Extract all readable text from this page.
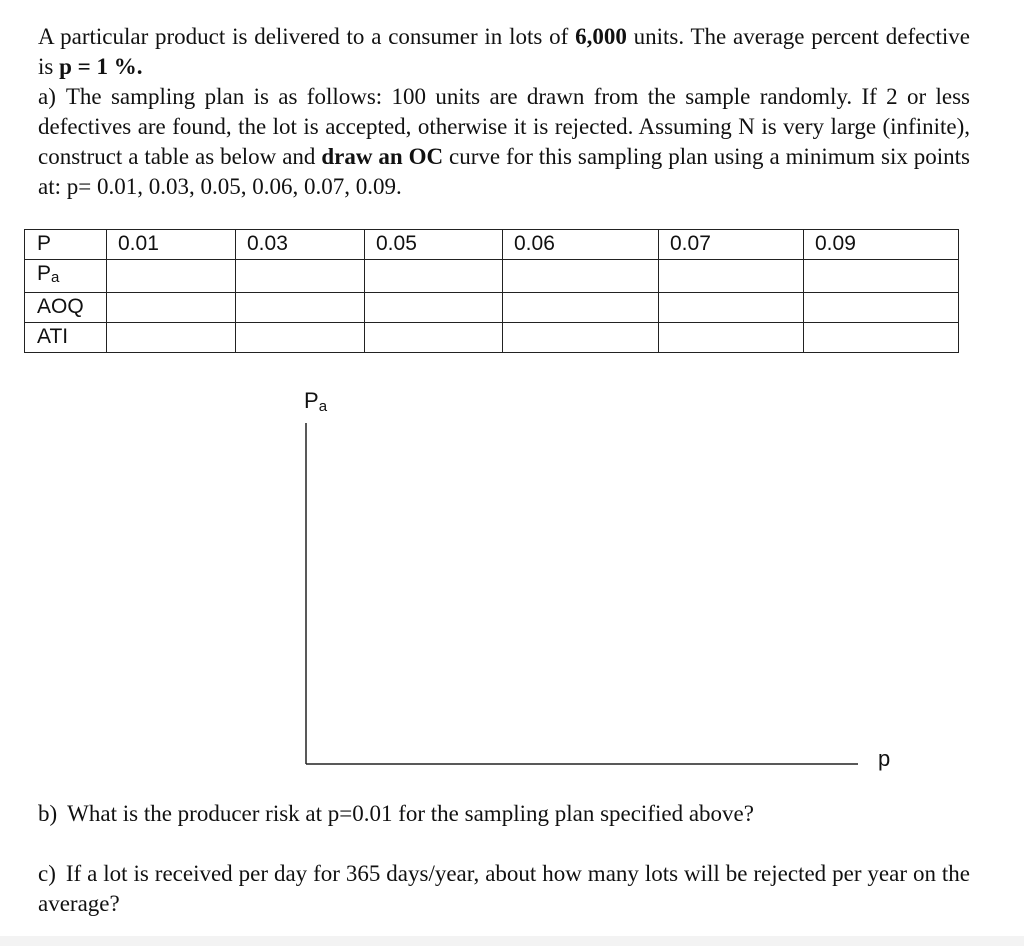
A particular product is delivered to a consumer in lots of 6,000 units. The average percent defective is p = 1 %.
a) The sampling plan is as follows: 100 units are drawn from the sample randomly. If 2 or less defectives are found, the lot is accepted, otherwise it is rejected. Assuming N is very large (infinite), construct a table as below and draw an OC curve for this sampling plan using a minimum six points at: p= 0.01, 0.03, 0.05, 0.06, 0.07, 0.09.
P	0.01	0.03	0.05	0.06	0.07	0.09
$P_a$						
AOQ						
ATI						
Pa
p
b) What is the producer risk at p=0.01 for the sampling plan specified above?
c) If a lot is received per day for 365 days/year, about how many lots will be rejected per year on the average?
